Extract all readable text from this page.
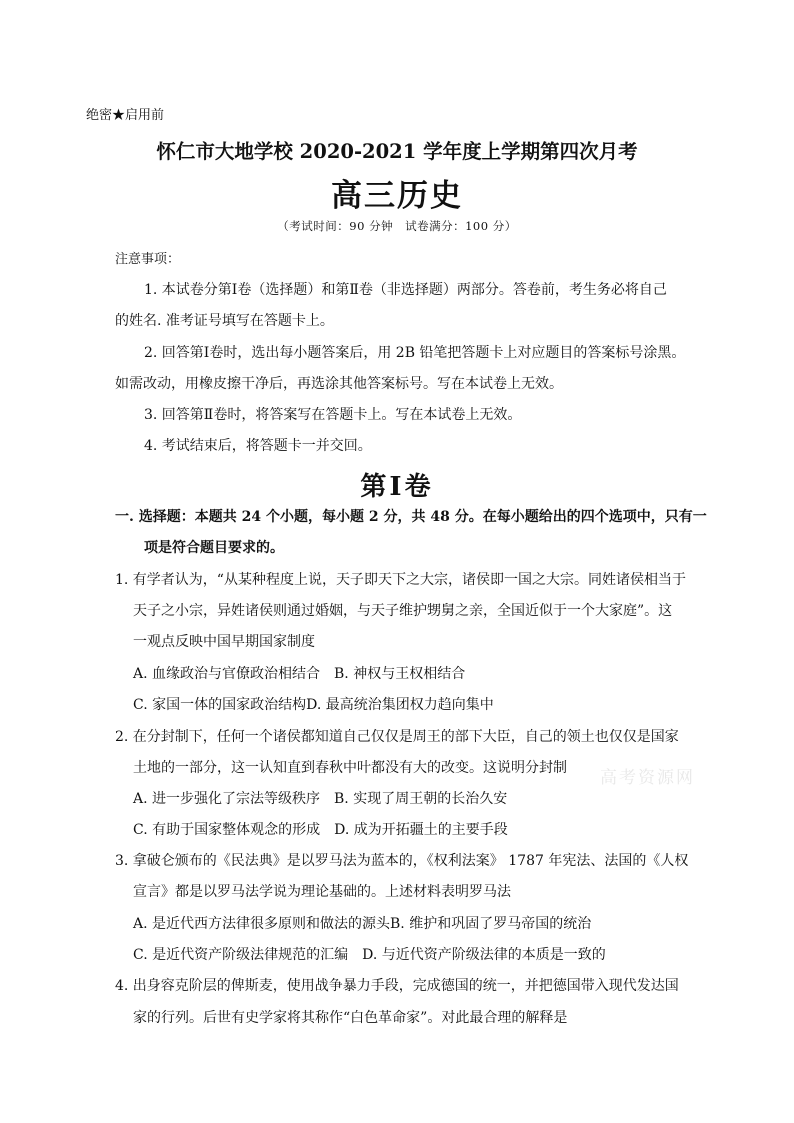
绝密★启用前
怀仁市大地学校 2020-2021 学年度上学期第四次月考
高三历史
（考试时间：90 分钟　试卷满分：100 分）
注意事项：
1. 本试卷分第Ⅰ卷（选择题）和第Ⅱ卷（非选择题）两部分。答卷前，考生务必将自己
的姓名. 准考证号填写在答题卡上。
2. 回答第Ⅰ卷时，选出每小题答案后，用 2B 铅笔把答题卡上对应题目的答案标号涂黑。
如需改动，用橡皮擦干净后，再选涂其他答案标号。写在本试卷上无效。
3. 回答第Ⅱ卷时，将答案写在答题卡上。写在本试卷上无效。
4. 考试结束后，将答题卡一并交回。
第Ⅰ卷
一. 选择题：本题共 24 个小题，每小题 2 分，共 48 分。在每小题给出的四个选项中，只有一
项是符合题目要求的。
1. 有学者认为，“从某种程度上说，天子即天下之大宗，诸侯即一国之大宗。同姓诸侯相当于
天子之小宗，异姓诸侯则通过婚姻，与天子维护甥舅之亲，全国近似于一个大家庭”。这
一观点反映中国早期国家制度
A. 血缘政治与官僚政治相结合　B. 神权与王权相结合
C. 家国一体的国家政治结构D. 最高统治集团权力趋向集中
2. 在分封制下，任何一个诸侯都知道自己仅仅是周王的部下大臣，自己的领土也仅仅是国家
土地的一部分，这一认知直到春秋中叶都没有大的改变。这说明分封制
A. 进一步强化了宗法等级秩序　B. 实现了周王朝的长治久安
C. 有助于国家整体观念的形成　D. 成为开拓疆土的主要手段
3. 拿破仑颁布的《民法典》是以罗马法为蓝本的，《权利法案》 1787 年宪法、法国的《人权
宣言》都是以罗马法学说为理论基础的。上述材料表明罗马法
A. 是近代西方法律很多原则和做法的源头B. 维护和巩固了罗马帝国的统治
C. 是近代资产阶级法律规范的汇编　D. 与近代资产阶级法律的本质是一致的
4. 出身容克阶层的俾斯麦，使用战争暴力手段，完成德国的统一，并把德国带入现代发达国
家的行列。后世有史学家将其称作“白色革命家”。对此最合理的解释是
高考资源网
